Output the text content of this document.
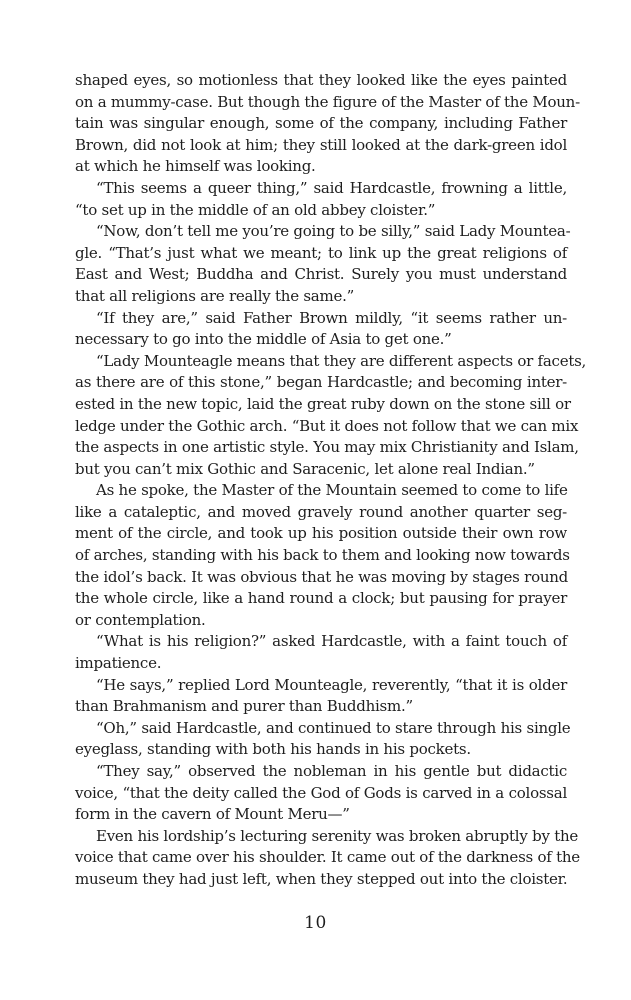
shaped eyes, so motionless that they looked like the eyes painted
on a mummy-case. But though the figure of the Master of the Moun-
tain was singular enough, some of the company, including Father
Brown, did not look at him; they still looked at the dark-green idol
at which he himself was looking.
“This seems a queer thing,” said Hardcastle, frowning a little,
“to set up in the middle of an old abbey cloister.”
“Now, don’t tell me you’re going to be silly,” said Lady Mountea-
gle. “That’s just what we meant; to link up the great religions of
East and West; Buddha and Christ. Surely you must understand
that all religions are really the same.”
“If they are,” said Father Brown mildly, “it seems rather un-
necessary to go into the middle of Asia to get one.”
“Lady Mounteagle means that they are different aspects or facets,
as there are of this stone,” began Hardcastle; and becoming inter-
ested in the new topic, laid the great ruby down on the stone sill or
ledge under the Gothic arch. “But it does not follow that we can mix
the aspects in one artistic style. You may mix Christianity and Islam,
but you can’t mix Gothic and Saracenic, let alone real Indian.”
As he spoke, the Master of the Mountain seemed to come to life
like a cataleptic, and moved gravely round another quarter seg-
ment of the circle, and took up his position outside their own row
of arches, standing with his back to them and looking now towards
the idol’s back. It was obvious that he was moving by stages round
the whole circle, like a hand round a clock; but pausing for prayer
or contemplation.
“What is his religion?” asked Hardcastle, with a faint touch of
impatience.
“He says,” replied Lord Mounteagle, reverently, “that it is older
than Brahmanism and purer than Buddhism.”
“Oh,” said Hardcastle, and continued to stare through his single
eyeglass, standing with both his hands in his pockets.
“They say,” observed the nobleman in his gentle but didactic
voice, “that the deity called the God of Gods is carved in a colossal
form in the cavern of Mount Meru—”
Even his lordship’s lecturing serenity was broken abruptly by the
voice that came over his shoulder. It came out of the darkness of the
museum they had just left, when they stepped out into the cloister.
10
